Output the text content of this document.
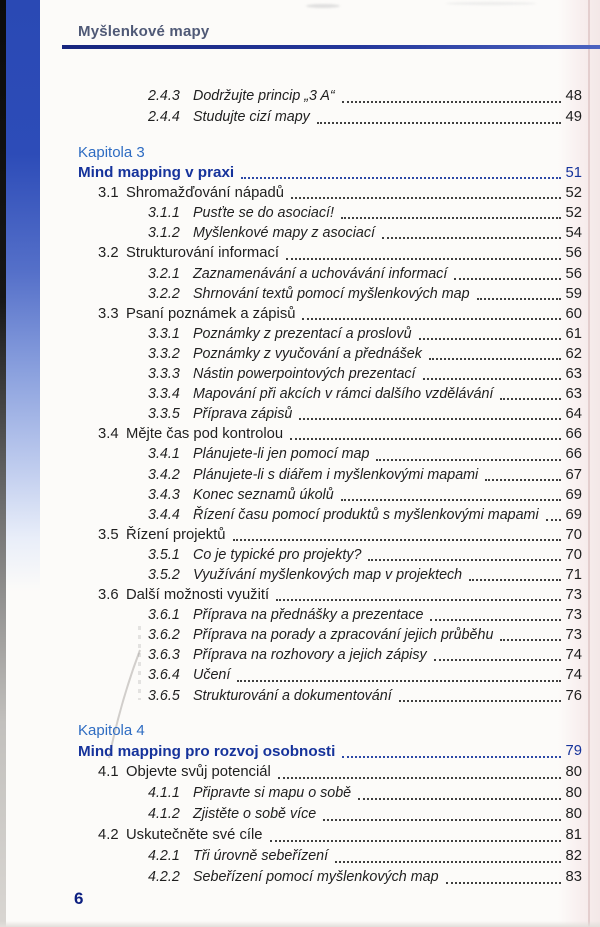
Myšlenkové mapy
2.4.3 Dodržujte princip „3 A“	48
2.4.4 Studujte cizí mapy	49
Kapitola 3
Mind mapping v praxi	51
3.1 Shromažďování nápadů	52
3.1.1 Pusťte se do asociací!	52
3.1.2 Myšlenkové mapy z asociací	54
3.2 Strukturování informací	56
3.2.1 Zaznamenávání a uchovávání informací	56
3.2.2 Shrnování textů pomocí myšlenkových map	59
3.3 Psaní poznámek a zápisů	60
3.3.1 Poznámky z prezentací a proslovů	61
3.3.2 Poznámky z vyučování a přednášek	62
3.3.3 Nástin powerpointových prezentací	63
3.3.4 Mapování při akcích v rámci dalšího vzdělávání	63
3.3.5 Příprava zápisů	64
3.4 Mějte čas pod kontrolou	66
3.4.1 Plánujete-li jen pomocí map	66
3.4.2 Plánujete-li s diářem i myšlenkovými mapami	67
3.4.3 Konec seznamů úkolů	69
3.4.4 Řízení času pomocí produktů s myšlenkovými mapami 69
3.5 Řízení projektů	70
3.5.1 Co je typické pro projekty?	70
3.5.2 Využívání myšlenkových map v projektech	71
3.6 Další možnosti využití	73
3.6.1 Příprava na přednášky a prezentace	73
3.6.2 Příprava na porady a zpracování jejich průběhu	73
3.6.3 Příprava na rozhovory a jejich zápisy	74
3.6.4 Učení	74
3.6.5 Strukturování a dokumentování	76
Kapitola 4
Mind mapping pro rozvoj osobnosti	79
4.1 Objevte svůj potenciál	80
4.1.1 Připravte si mapu o sobě	80
4.1.2 Zjistěte o sobě více	80
4.2 Uskutečněte své cíle	81
4.2.1 Tři úrovně sebeřízení	82
4.2.2 Sebeřízení pomocí myšlenkových map	83
6
